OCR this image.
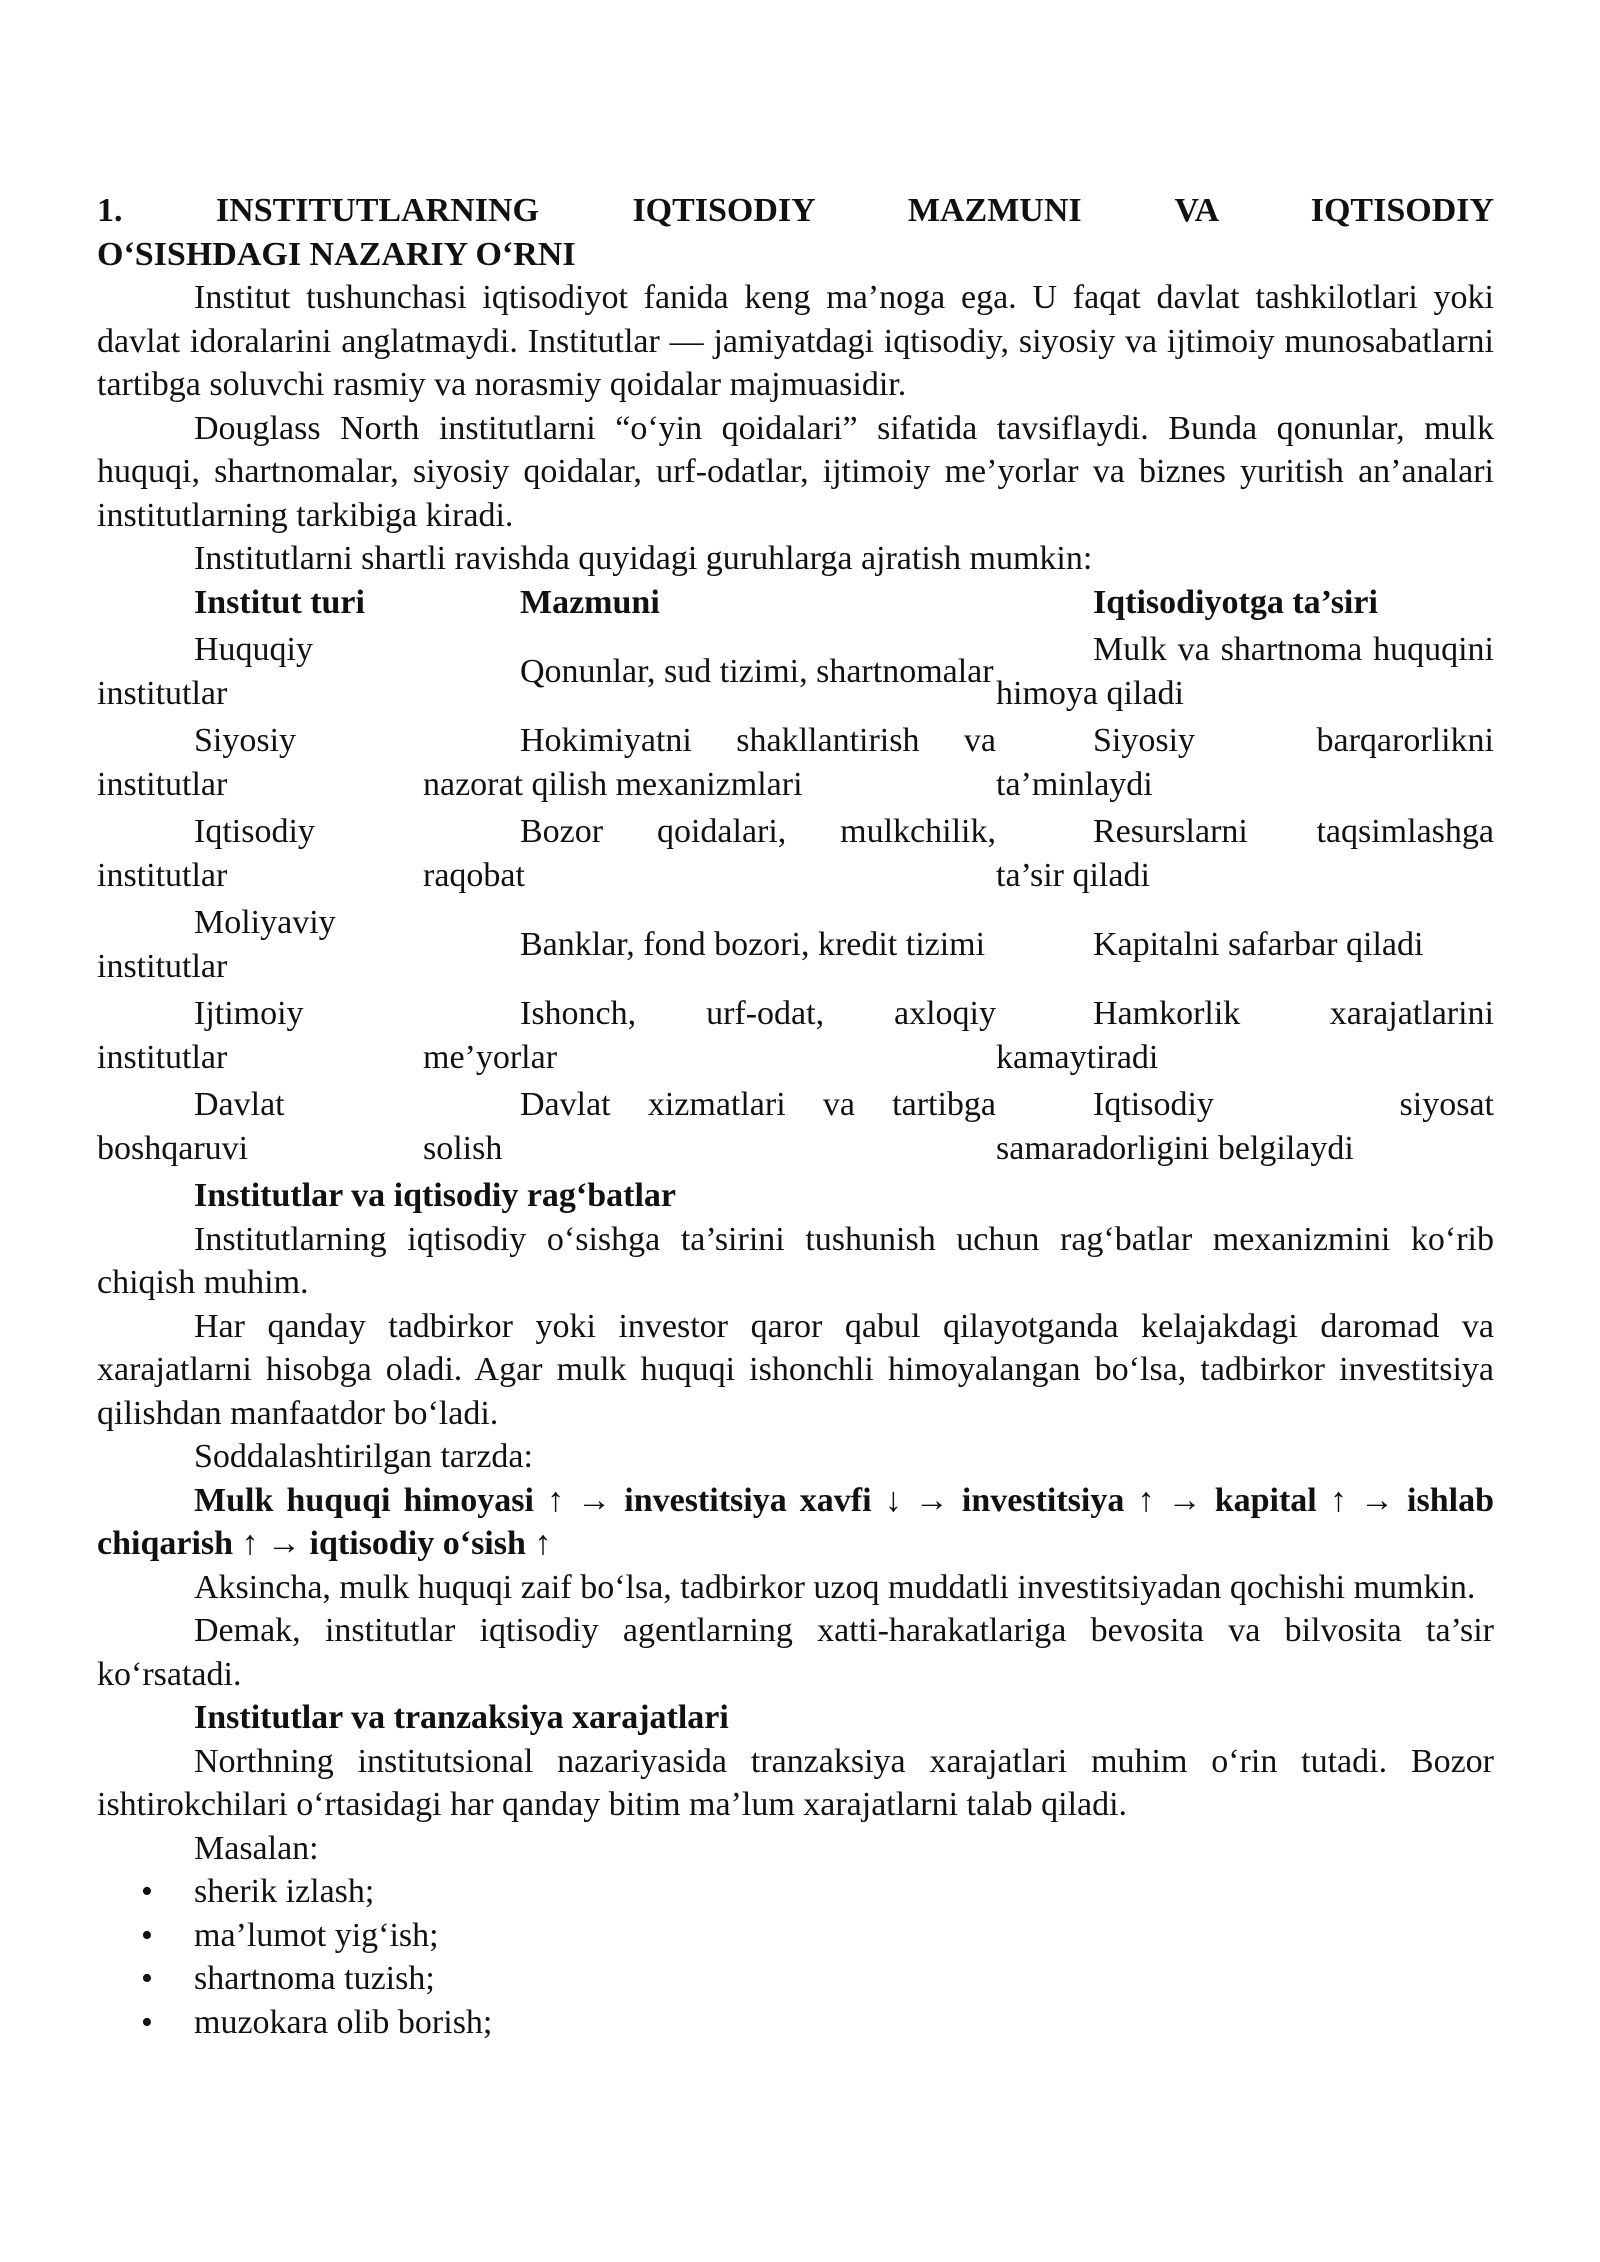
1.	INSTITUTLARNING	IQTISODIY	MAZMUNI	VA	IQTISODIY
O‘SISHDAGI NAZARIY O‘RNI

Institut tushunchasi iqtisodiyot fanida keng ma’noga ega. U faqat davlat tashkilotlari yoki davlat idoralarini anglatmaydi. Institutlar — jamiyatdagi iqtisodiy, siyosiy va ijtimoiy munosabatlarni tartibga soluvchi rasmiy va norasmiy qoidalar majmuasidir.

Douglass North institutlarni “o‘yin qoidalari” sifatida tavsiflaydi. Bunda qonunlar, mulk huquqi, shartnomalar, siyosiy qoidalar, urf-odatlar, ijtimoiy me’yorlar va biznes yuritish an’analari institutlarning tarkibiga kiradi.

Institutlarni shartli ravishda quyidagi guruhlarga ajratish mumkin:

Institut turi	Mazmuni	Iqtisodiyotga ta’siri

Huquqiy institutlar	Qonunlar, sud tizimi, shartnomalar	Mulk va shartnoma huquqini himoya qiladi

Siyosiy institutlar	Hokimiyatni shakllantirish va nazorat qilish mexanizmlari	Siyosiy barqarorlikni ta’minlaydi

Iqtisodiy institutlar	Bozor qoidalari, mulkchilik, raqobat	Resurslarni taqsimlashga ta’sir qiladi

Moliyaviy institutlar	Banklar, fond bozori, kredit tizimi	Kapitalni safarbar qiladi

Ijtimoiy institutlar	Ishonch, urf-odat, axloqiy me’yorlar	Hamkorlik xarajatlarini kamaytiradi

Davlat boshqaruvi	Davlat xizmatlari va tartibga solish	Iqtisodiy siyosat samaradorligini belgilaydi
Institutlar va iqtisodiy rag‘batlar

Institutlarning iqtisodiy o‘sishga ta’sirini tushunish uchun rag‘batlar mexanizmini ko‘rib chiqish muhim.

Har qanday tadbirkor yoki investor qaror qabul qilayotganda kelajakdagi daromad va xarajatlarni hisobga oladi. Agar mulk huquqi ishonchli himoyalangan bo‘lsa, tadbirkor investitsiya qilishdan manfaatdor bo‘ladi.

Soddalashtirilgan tarzda:

Mulk huquqi himoyasi ↑ → investitsiya xavfi ↓ → investitsiya ↑ → kapital ↑ → ishlab chiqarish ↑ → iqtisodiy o‘sish ↑

Aksincha, mulk huquqi zaif bo‘lsa, tadbirkor uzoq muddatli investitsiyadan qochishi mumkin.

Demak, institutlar iqtisodiy agentlarning xatti-harakatlariga bevosita va bilvosita ta’sir ko‘rsatadi.

Institutlar va tranzaksiya xarajatlari

Northning institutsional nazariyasida tranzaksiya xarajatlari muhim o‘rin tutadi. Bozor ishtirokchilari o‘rtasidagi har qanday bitim ma’lum xarajatlarni talab qiladi.

Masalan:
• sherik izlash;
• ma’lumot yig‘ish;
• shartnoma tuzish;
• muzokara olib borish;
